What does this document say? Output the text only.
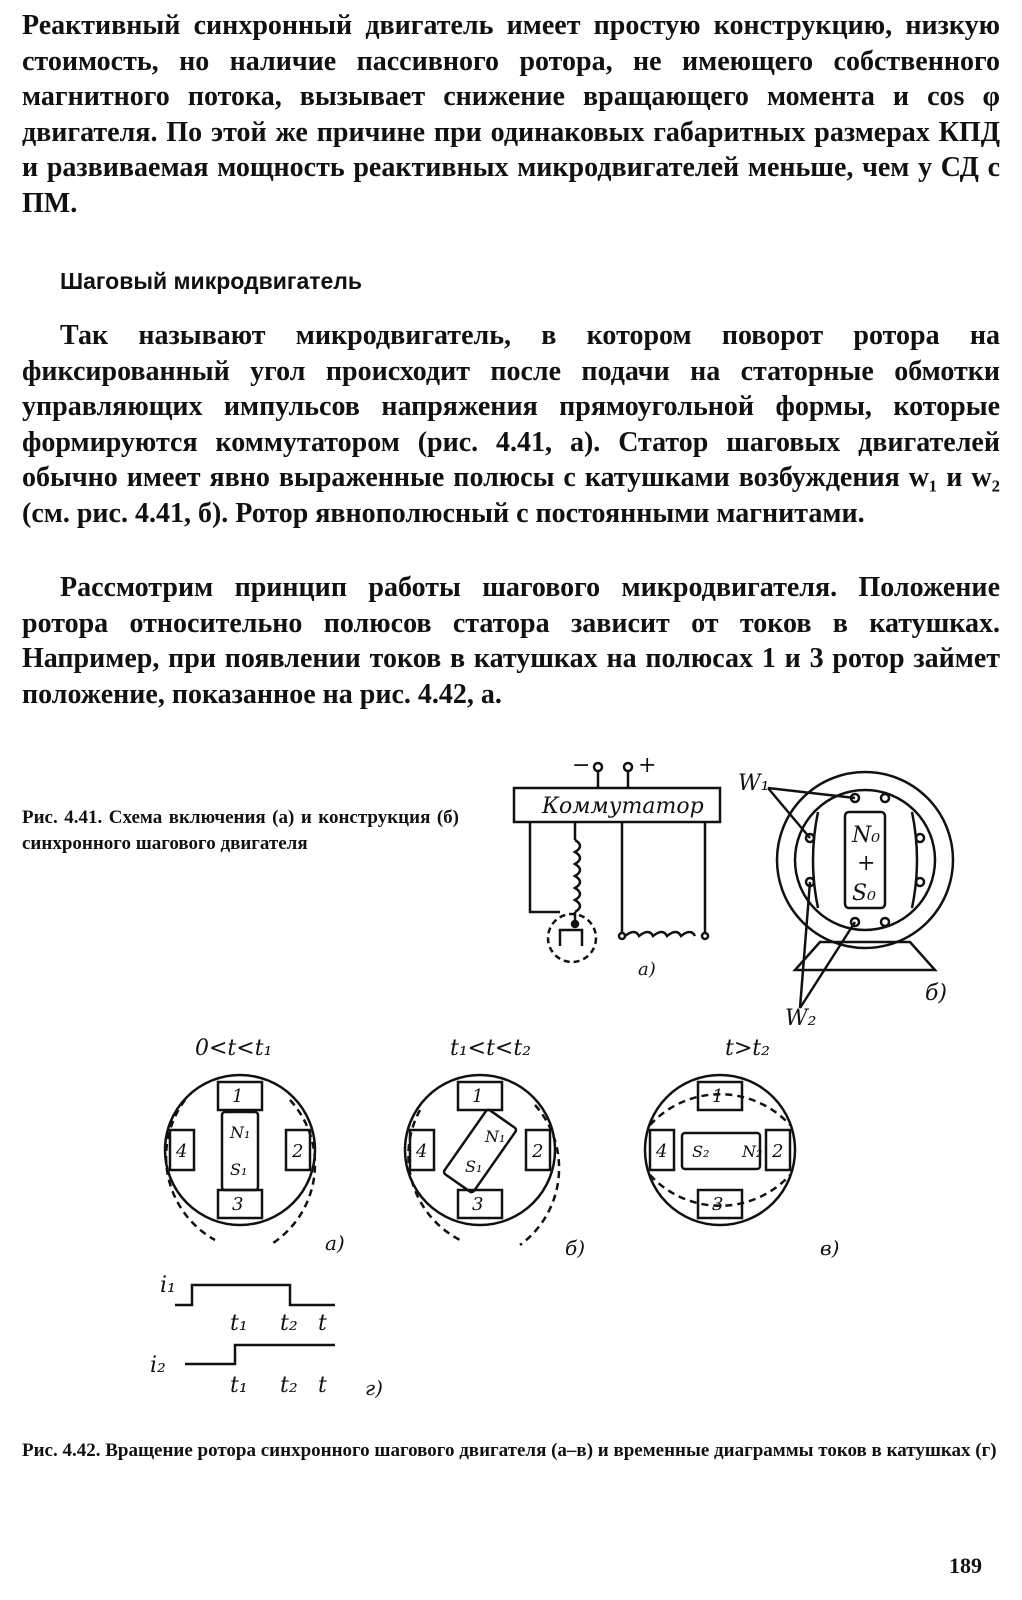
Реактивный синхронный двигатель имеет простую конструкцию, низкую стоимость, но наличие пассивного ротора, не имеющего собственного магнитного потока, вызывает снижение вращающего момента и cos φ двигателя. По этой же причине при одинаковых габаритных размерах КПД и развиваемая мощность реактивных микродвигателей меньше, чем у СД с ПМ.
Шаговый микродвигатель
Так называют микродвигатель, в котором поворот ротора на фиксированный угол происходит после подачи на статорные обмотки управляющих импульсов напряжения прямоугольной формы, которые формируются коммутатором (рис. 4.41, а). Статор шаговых двигателей обычно имеет явно выраженные полюсы с катушками возбуждения w₁ и w₂ (см. рис. 4.41, б). Ротор явнополюсный с постоянными магнитами.
Рассмотрим принцип работы шагового микродвигателя. Положение ротора относительно полюсов статора зависит от токов в катушках. Например, при появлении токов в катушках на полюсах 1 и 3 ротор займет положение, показанное на рис. 4.42, а.
Рис. 4.41. Схема включения (а) и конструкция (б) синхронного шагового двигателя
− +
Коммутатор
W₁
W₂
N₀
+
S₀
а)
б)
0<t<t₁	t₁<t<t₂	t>t₂
а)	б)	в)
1
2
3
4
N₁
S₁
1
2
3
4
N₁
S₁
1
2
3
4	N₂
S₂
i₁
t₁ t₂ t
i₂
t₁ t₂ t г)
Рис. 4.42. Вращение ротора синхронного шагового двигателя (а–в) и временные диаграммы токов в катушках (г)
189
